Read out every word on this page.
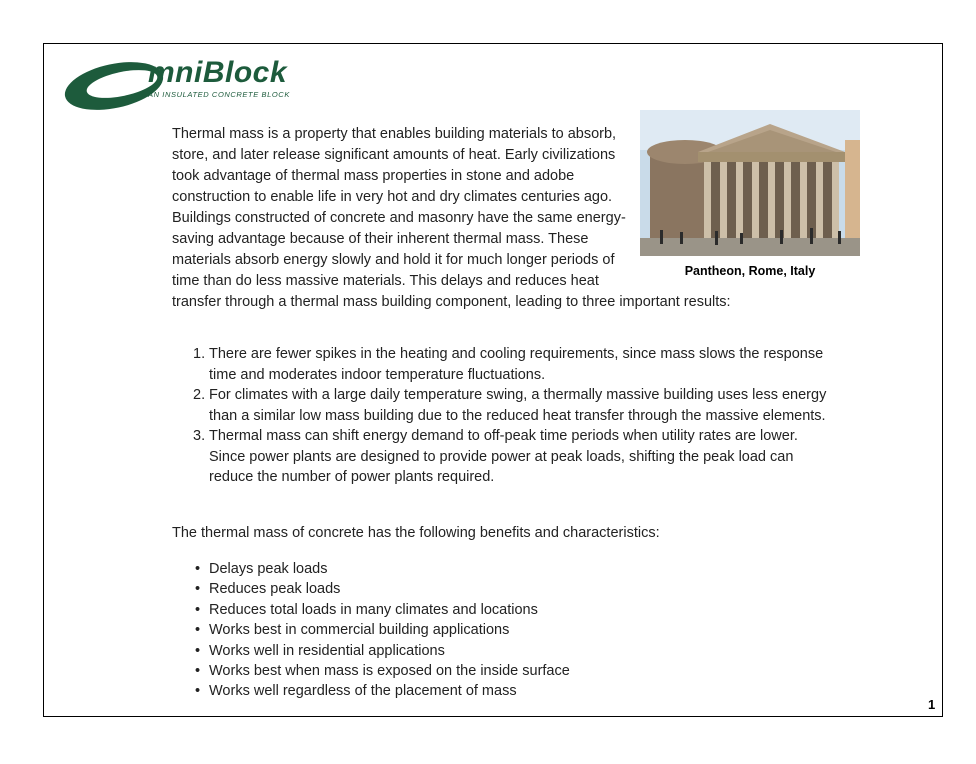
mniBlock
AN INSULATED CONCRETE BLOCK
Pantheon, Rome, Italy
Thermal mass is a property that enables building materials to absorb, store, and later release significant amounts of heat. Early civilizations took advantage of thermal mass properties in stone and adobe construction to enable life in very hot and dry climates centuries ago. Buildings constructed of concrete and masonry have the same energy-saving advantage because of their inherent thermal mass. These materials absorb energy slowly and hold it for much longer periods of time than do less massive materials. This delays and reduces heat transfer through a thermal mass building component, leading to three important results:
1. There are fewer spikes in the heating and cooling requirements, since mass slows the response time and moderates indoor temperature fluctuations.
2. For climates with a large daily temperature swing, a thermally massive building uses less energy than a similar low mass building due to the reduced heat transfer through the massive elements.
3. Thermal mass can shift energy demand to off-peak time periods when utility rates are lower. Since power plants are designed to provide power at peak loads, shifting the peak load can reduce the number of power plants required.
The thermal mass of concrete has the following benefits and characteristics:
• Delays peak loads
• Reduces peak loads
• Reduces total loads in many climates and locations
• Works best in commercial building applications
• Works well in residential applications
• Works best when mass is exposed on the inside surface
• Works well regardless of the placement of mass
1
